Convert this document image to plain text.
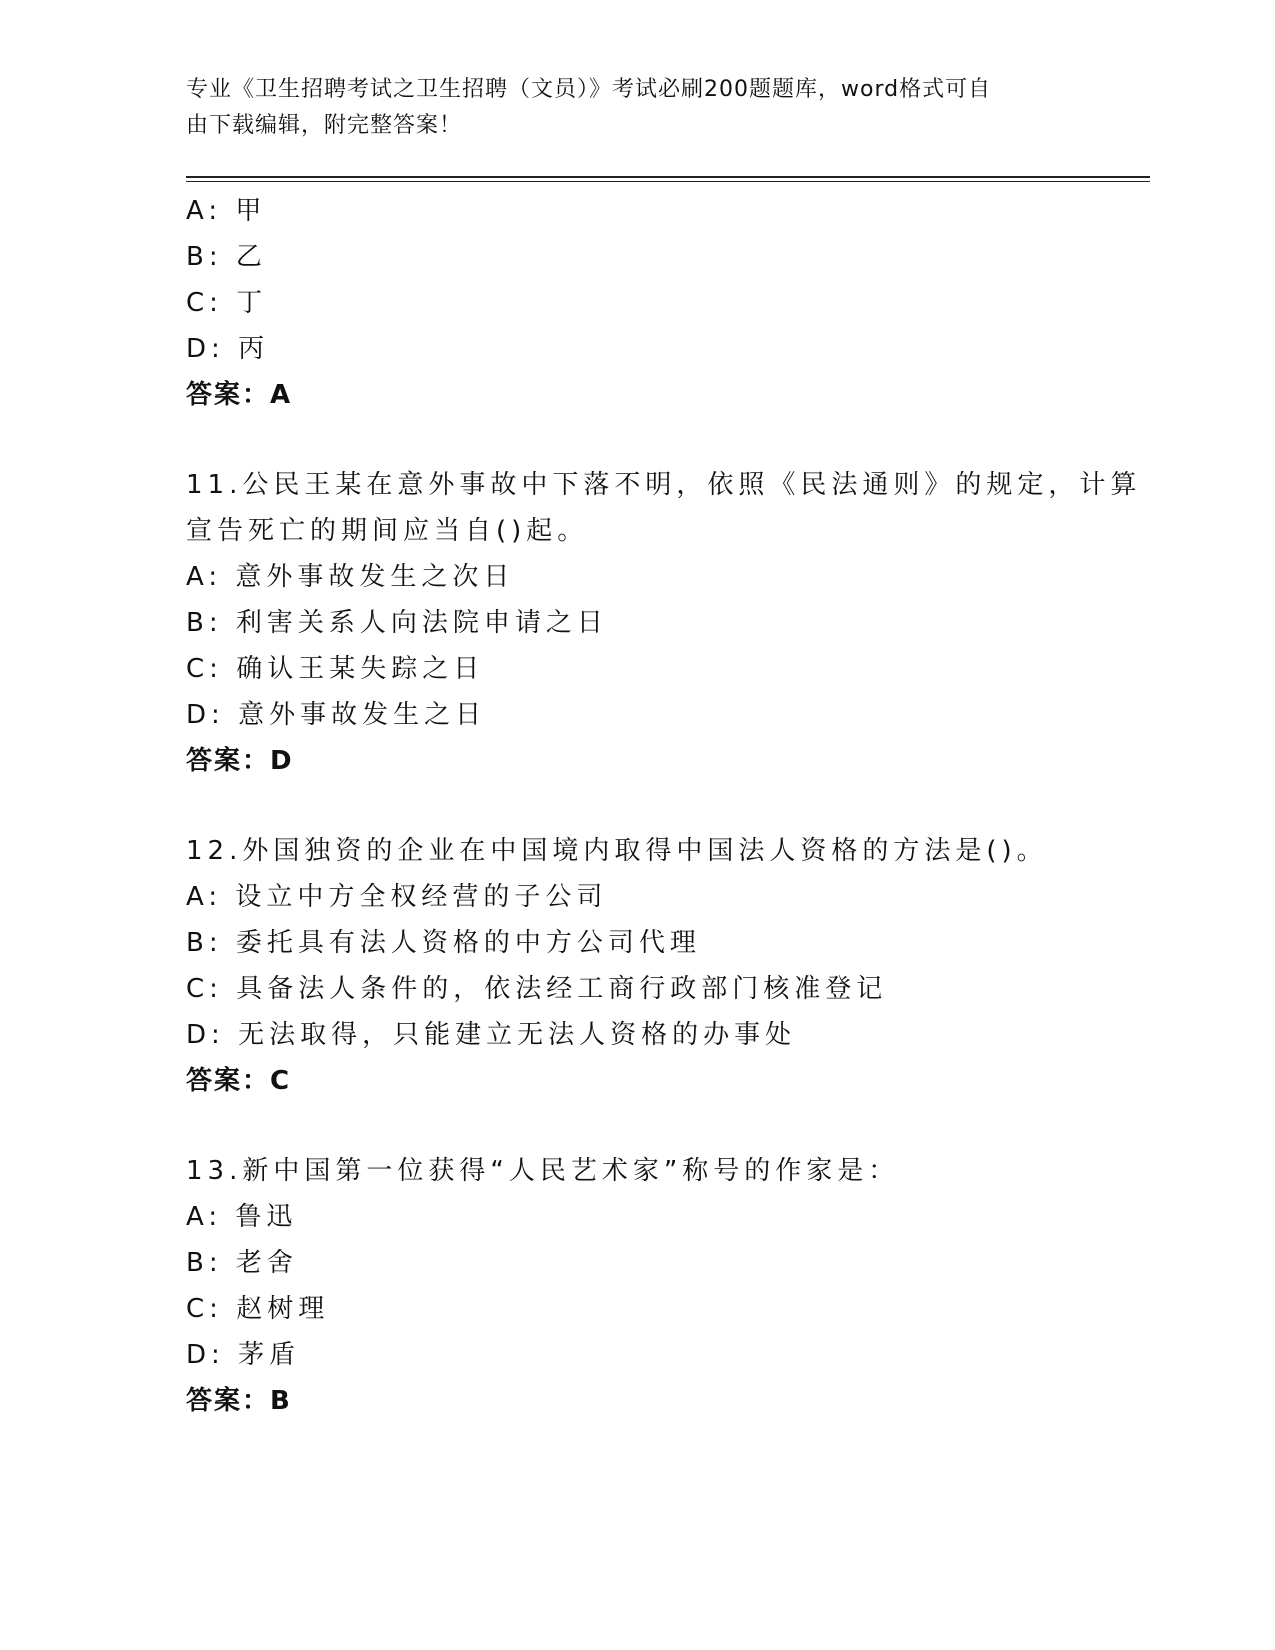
专业《卫生招聘考试之卫生招聘（文员）》考试必刷200题题库，word格式可自
由下载编辑，附完整答案！
A: 甲
B: 乙
C: 丁
D: 丙
答案：A
11.公民王某在意外事故中下落不明，依照《民法通则》的规定，计算
宣告死亡的期间应当自()起。
A: 意外事故发生之次日
B: 利害关系人向法院申请之日
C: 确认王某失踪之日
D: 意外事故发生之日
答案：D
12.外国独资的企业在中国境内取得中国法人资格的方法是()。
A: 设立中方全权经营的子公司
B: 委托具有法人资格的中方公司代理
C: 具备法人条件的，依法经工商行政部门核准登记
D: 无法取得，只能建立无法人资格的办事处
答案：C
13.新中国第一位获得“人民艺术家”称号的作家是：
A: 鲁迅
B: 老舍
C: 赵树理
D: 茅盾
答案：B
